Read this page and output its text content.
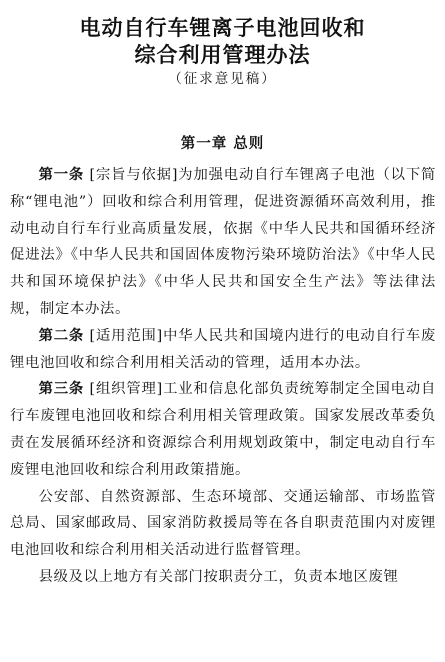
电动自行车锂离子电池回收和
综合利用管理办法
（征求意见稿）
第一章 总则

第一条 [宗旨与依据]为加强电动自行车锂离子电池（以下简称“锂电池”）回收和综合利用管理，促进资源循环高效利用，推动电动自行车行业高质量发展，依据《中华人民共和国循环经济促进法》《中华人民共和国固体废物污染环境防治法》《中华人民共和国环境保护法》《中华人民共和国安全生产法》等法律法规，制定本办法。

第二条 [适用范围]中华人民共和国境内进行的电动自行车废锂电池回收和综合利用相关活动的管理，适用本办法。

第三条 [组织管理]工业和信息化部负责统筹制定全国电动自行车废锂电池回收和综合利用相关管理政策。国家发展改革委负责在发展循环经济和资源综合利用规划政策中，制定电动自行车废锂电池回收和综合利用政策措施。

公安部、自然资源部、生态环境部、交通运输部、市场监管总局、国家邮政局、国家消防救援局等在各自职责范围内对废锂电池回收和综合利用相关活动进行监督管理。

县级及以上地方有关部门按职责分工，负责本地区废锂
